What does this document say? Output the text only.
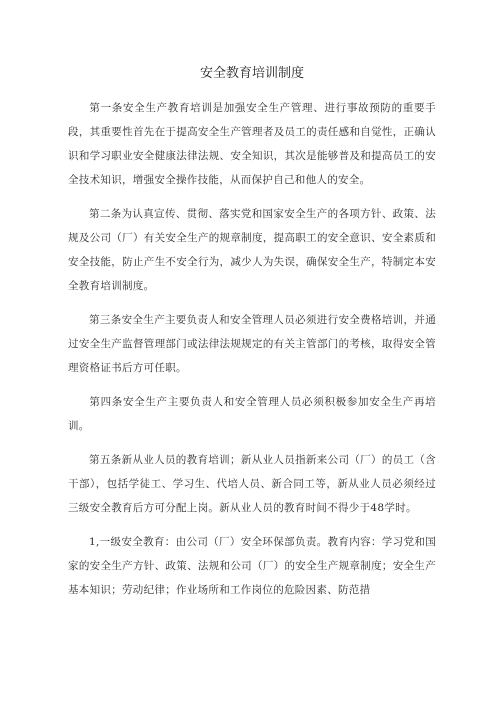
安全教育培训制度

第一条安全生产教育培训是加强安全生产管理、进行事故预防的重要手段，其重要性首先在于提高安全生产管理者及员工的责任感和自觉性，正确认识和学习职业安全健康法律法规、安全知识，其次是能够普及和提高员工的安全技术知识，增强安全操作技能，从而保护自己和他人的安全。

第二条为认真宣传、贯彻、落实党和国家安全生产的各项方针、政策、法规及公司（厂）有关安全生产的规章制度，提高职工的安全意识、安全素质和安全技能，防止产生不安全行为，减少人为失误，确保安全生产，特制定本安全教育培训制度。

第三条安全生产主要负责人和安全管理人员必须进行安全费格培训，并通过安全生产监督管理部门或法律法规规定的有关主管部门的考核，取得安全管理资格证书后方可任职。

第四条安全生产主要负责人和安全管理人员必须积极参加安全生产再培训。

第五条新从业人员的教育培训；新从业人员指新来公司（厂）的员工（含干部），包括学徒工、学习生、代培人员、新合同工等，新从业人员必须经过三级安全教育后方可分配上岗。新从业人员的教育时间不得少于48学时。

1,一级安全教育：由公司（厂）安全环保部负责。教育内容：学习党和国家的安全生产方针、政策、法规和公司（厂）的安全生产规章制度；安全生产基本知识；劳动纪律；作业场所和工作岗位的危险因素、防范措
